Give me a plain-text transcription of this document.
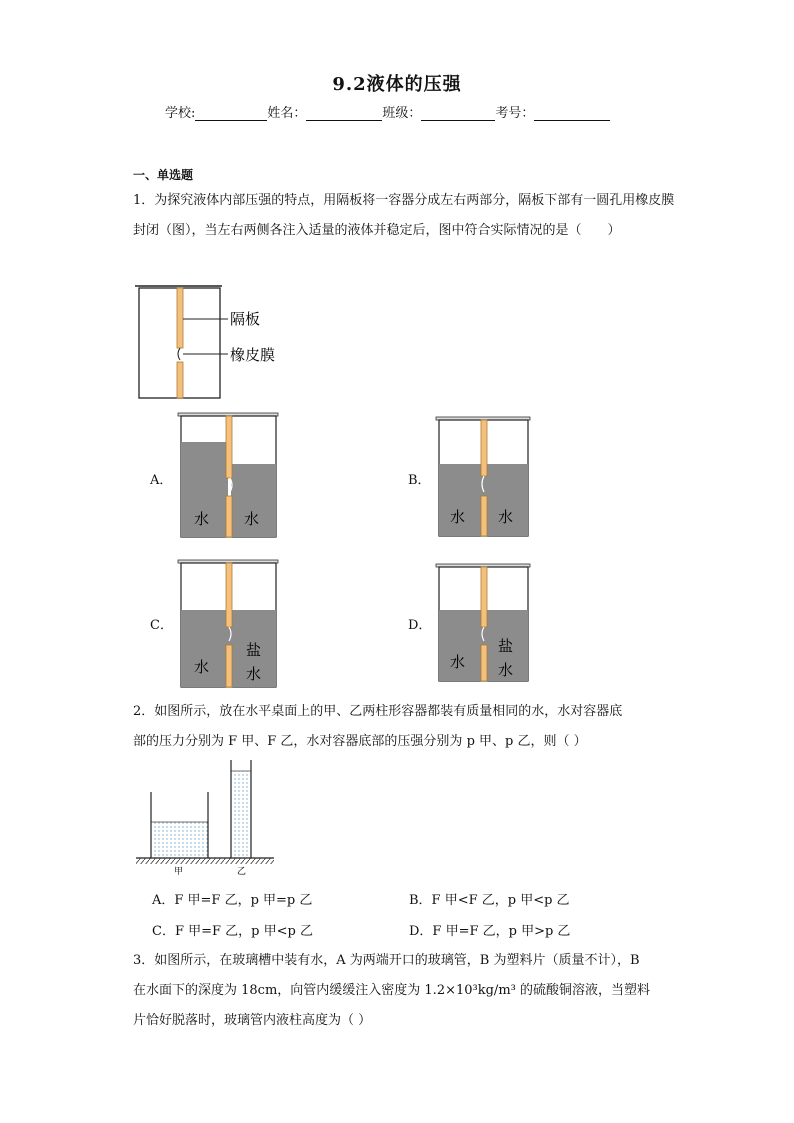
9.2液体的压强
学校:	姓名：	班级：	考号：
一、单选题
1．为探究液体内部压强的特点，用隔板将一容器分成左右两部分，隔板下部有一圆孔用橡皮膜封闭（图），当左右两侧各注入适量的液体并稳定后，图中符合实际情况的是（　　）
隔板
橡皮膜
A．
水 水
B．
水 水
C．
水
盐
水
D．
水
盐
水
2．如图所示，放在水平桌面上的甲、乙两柱形容器都装有质量相同的水，水对容器底
部的压力分别为 F 甲、F 乙，水对容器底部的压强分别为 p 甲、p 乙，则（ ）
甲	乙
A．F 甲=F 乙，p 甲=p 乙	B．F 甲<F 乙，p 甲<p 乙
C．F 甲=F 乙，p 甲<p 乙	D．F 甲=F 乙，p 甲>p 乙
3．如图所示，在玻璃槽中装有水，A 为两端开口的玻璃管，B 为塑料片（质量不计），B
在水面下的深度为 18cm，向管内缓缓注入密度为 1.2×10³kg/m³ 的硫酸铜溶液，当塑料
片恰好脱落时，玻璃管内液柱高度为（ ）
